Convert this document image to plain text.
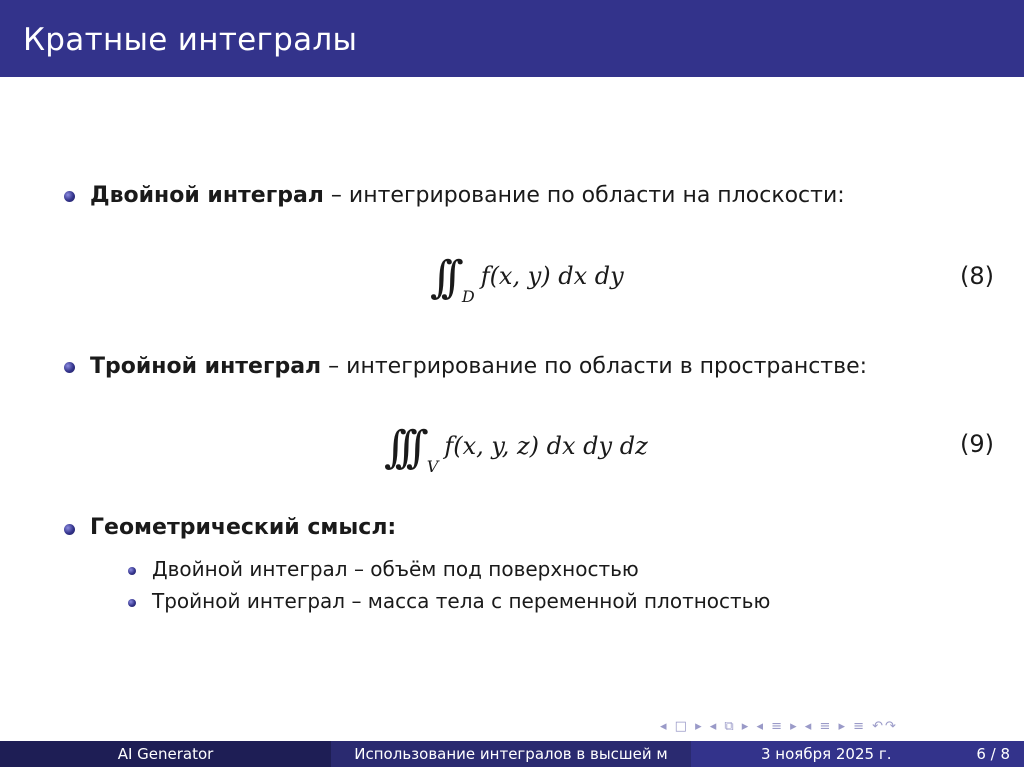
Кратные интегралы
Двойной интеграл – интегрирование по области на плоскости:
∫∫ $_D$f(x, y) dx dy	(8)
Тройной интеграл – интегрирование по области в пространстве:
∫∫∫ $_V$f(x, y, z) dx dy dz	(9)
Геометрический смысл:
Двойной интеграл – объём под поверхностью
Тройной интеграл – масса тела с переменной плотностью
◂ □ ▸ ◂ ⧉ ▸ ◂ ≡ ▸ ◂ ≡ ▸ ≡ ↶↷
AI Generator	Использование интегралов в высшей м	3 ноября 2025 г.	6 / 8
